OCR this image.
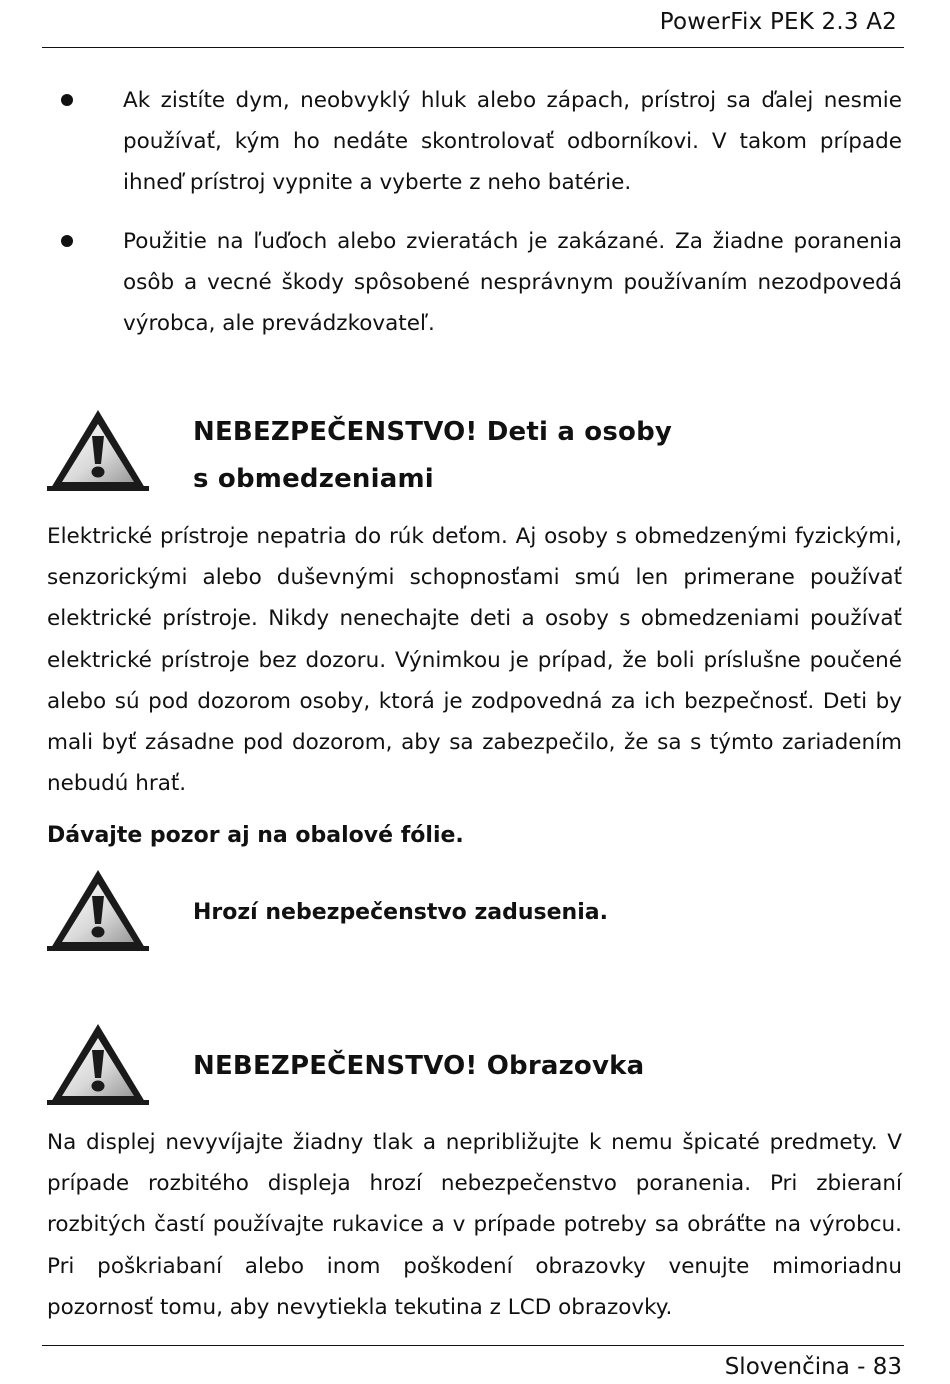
PowerFix PEK 2.3 A2
Ak zistíte dym, neobvyklý hluk alebo zápach, prístroj sa ďalej nesmie používať, kým ho nedáte skontrolovať odborníkovi. V takom prípade ihneď prístroj vypnite a vyberte z neho batérie.
Použitie na ľuďoch alebo zvieratách je zakázané. Za žiadne poranenia osôb a vecné škody spôsobené nesprávnym používaním nezodpovedá výrobca, ale prevádzkovateľ.
NEBEZPEČENSTVO! Deti a osoby
s obmedzeniami
Elektrické prístroje nepatria do rúk deťom. Aj osoby s obmedzenými fyzickými, senzorickými alebo duševnými schopnosťami smú len primerane používať elektrické prístroje. Nikdy nenechajte deti a osoby s obmedzeniami používať elektrické prístroje bez dozoru. Výnimkou je prípad, že boli príslušne poučené alebo sú pod dozorom osoby, ktorá je zodpovedná za ich bezpečnosť. Deti by mali byť zásadne pod dozorom, aby sa zabezpečilo, že sa s týmto zariadením nebudú hrať.
Dávajte pozor aj na obalové fólie.
Hrozí nebezpečenstvo zadusenia.
NEBEZPEČENSTVO! Obrazovka
Na displej nevyvíjajte žiadny tlak a nepribližujte k nemu špicaté predmety. V prípade rozbitého displeja hrozí nebezpečenstvo poranenia. Pri zbieraní rozbitých častí používajte rukavice a v prípade potreby sa obráťte na výrobcu. Pri poškriabaní alebo inom poškodení obrazovky venujte mimoriadnu pozornosť tomu, aby nevytiekla tekutina z LCD obrazovky.
Slovenčina - 83
